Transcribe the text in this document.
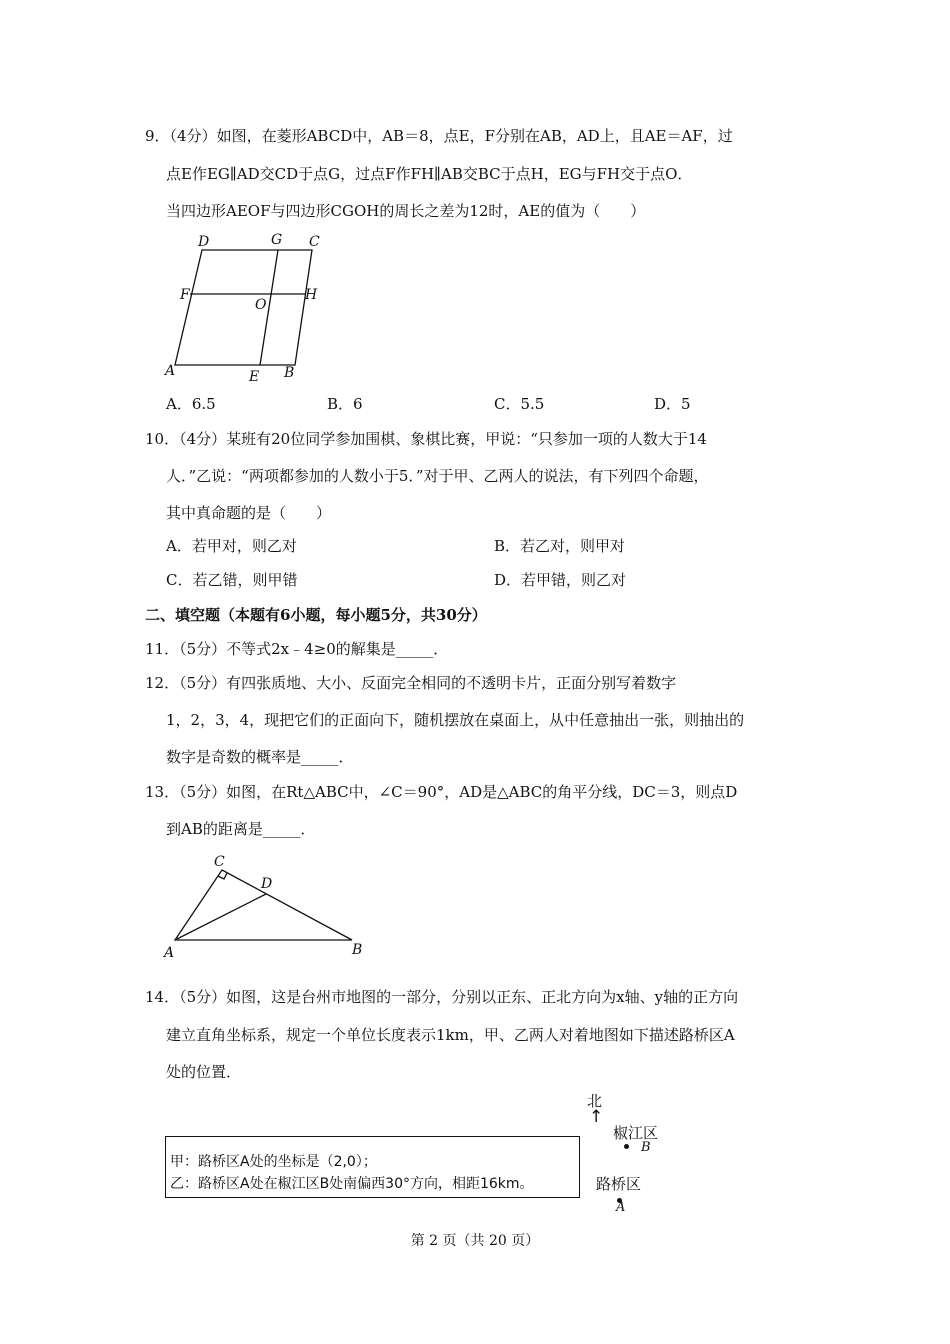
9．（4分）如图，在菱形ABCD中，AB＝8，点E，F分别在AB，AD上，且AE＝AF，过
点E作EG∥AD交CD于点G，过点F作FH∥AB交BC于点H，EG与FH交于点O．
当四边形AEOF与四边形CGOH的周长之差为12时，AE的值为（　　）
D	G C
F
O
H
A	E B
A．6.5	B．6	C．5.5	D．5
10．（4分）某班有20位同学参加围棋、象棋比赛，甲说：“只参加一项的人数大于14
人．”乙说：“两项都参加的人数小于5．”对于甲、乙两人的说法，有下列四个命题，
其中真命题的是（　　）
A．若甲对，则乙对	B．若乙对，则甲对
C．若乙错，则甲错	D．若甲错，则乙对
二、填空题（本题有6小题，每小题5分，共30分）
11．（5分）不等式2x﹣4≥0的解集是_____．
12．（5分）有四张质地、大小、反面完全相同的不透明卡片，正面分别写着数字
1，2，3，4，现把它们的正面向下，随机摆放在桌面上，从中任意抽出一张，则抽出的
数字是奇数的概率是_____．
13．（5分）如图，在Rt△ABC中，∠C＝90°，AD是△ABC的角平分线，DC＝3，则点D
到AB的距离是_____．
C
D
A	B
14．（5分）如图，这是台州市地图的一部分，分别以正东、正北方向为x轴、y轴的正方向
建立直角坐标系，规定一个单位长度表示1km，甲、乙两人对着地图如下描述路桥区A
处的位置．
甲：路桥区A处的坐标是（2,0）；
乙：路桥区A处在椒江区B处南偏西30°方向，相距16km。
北
↑
椒江区
B
路桥区
A
第 2 页（共 20 页）
